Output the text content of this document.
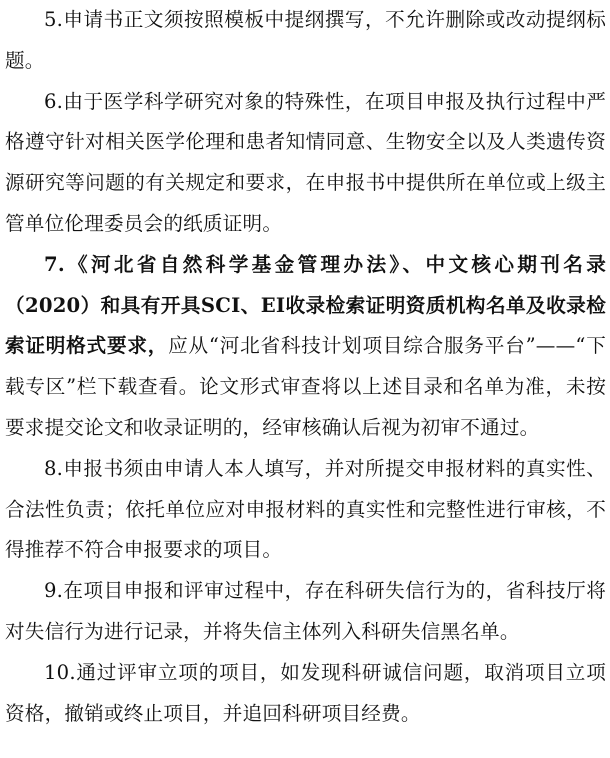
5.申请书正文须按照模板中提纲撰写，不允许删除或改动提纲标题。

6.由于医学科学研究对象的特殊性，在项目申报及执行过程中严格遵守针对相关医学伦理和患者知情同意、生物安全以及人类遗传资源研究等问题的有关规定和要求，在申报书中提供所在单位或上级主管单位伦理委员会的纸质证明。

7.《河北省自然科学基金管理办法》、中文核心期刊名录（2020）和具有开具SCI、EI收录检索证明资质机构名单及收录检索证明格式要求，应从“河北省科技计划项目综合服务平台”——“下载专区”栏下载查看。论文形式审查将以上述目录和名单为准，未按要求提交论文和收录证明的，经审核确认后视为初审不通过。

8.申报书须由申请人本人填写，并对所提交申报材料的真实性、合法性负责；依托单位应对申报材料的真实性和完整性进行审核，不得推荐不符合申报要求的项目。

9.在项目申报和评审过程中，存在科研失信行为的，省科技厅将对失信行为进行记录，并将失信主体列入科研失信黑名单。

10.通过评审立项的项目，如发现科研诚信问题，取消项目立项资格，撤销或终止项目，并追回科研项目经费。
